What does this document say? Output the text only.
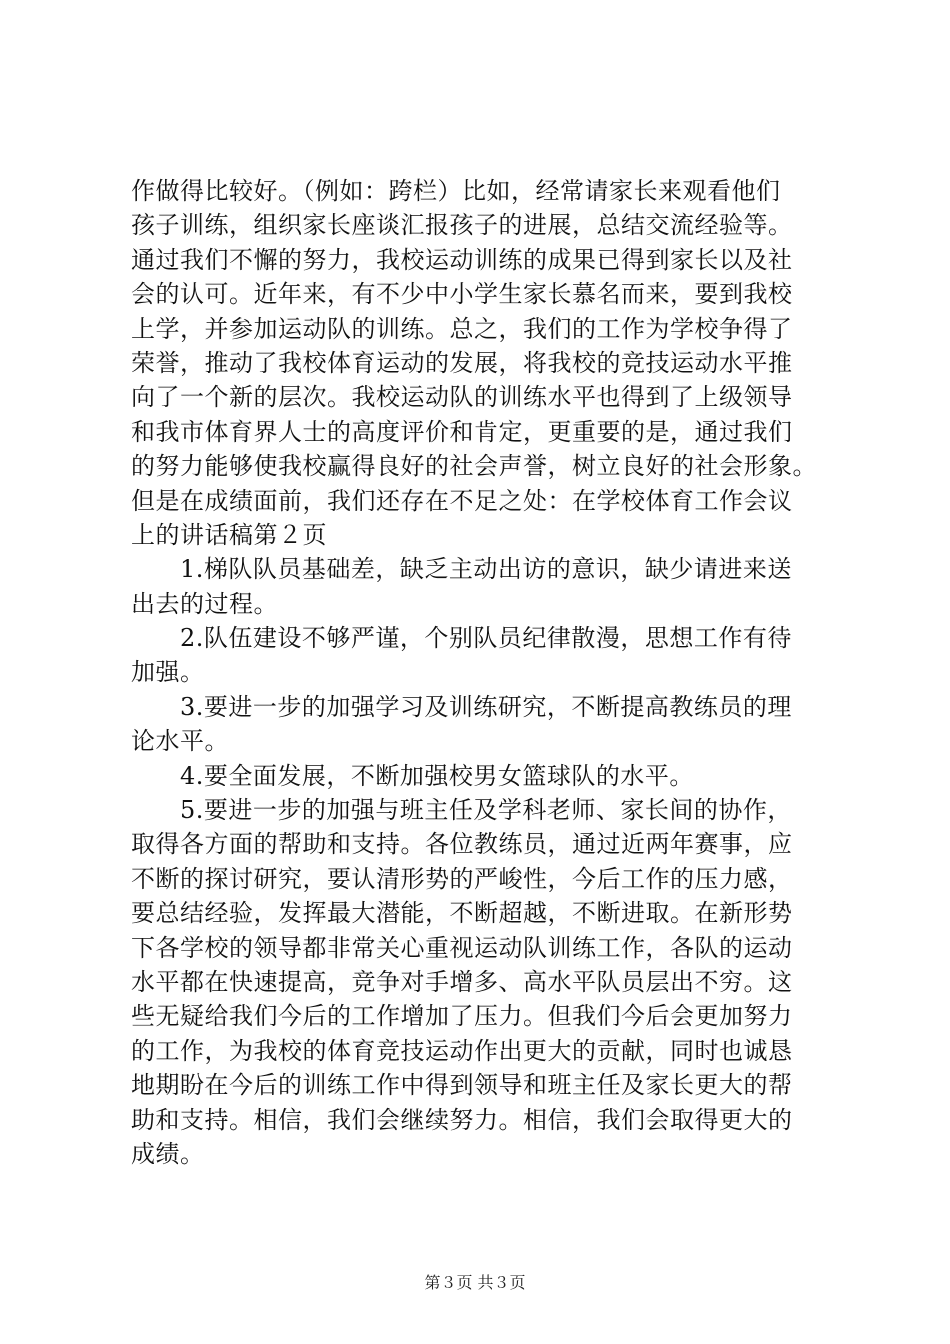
作做得比较好。（例如：跨栏）比如，经常请家长来观看他们
孩子训练，组织家长座谈汇报孩子的进展，总结交流经验等。
通过我们不懈的努力，我校运动训练的成果已得到家长以及社
会的认可。近年来，有不少中小学生家长慕名而来，要到我校
上学，并参加运动队的训练。总之，我们的工作为学校争得了
荣誉，推动了我校体育运动的发展，将我校的竞技运动水平推
向了一个新的层次。我校运动队的训练水平也得到了上级领导
和我市体育界人士的高度评价和肯定，更重要的是，通过我们
的努力能够使我校赢得良好的社会声誉，树立良好的社会形象。
但是在成绩面前，我们还存在不足之处：在学校体育工作会议
上的讲话稿第２页
　　1.梯队队员基础差，缺乏主动出访的意识，缺少请进来送
出去的过程。
　　2.队伍建设不够严谨，个别队员纪律散漫，思想工作有待
加强。
　　3.要进一步的加强学习及训练研究，不断提高教练员的理
论水平。
　　4.要全面发展，不断加强校男女篮球队的水平。
　　5.要进一步的加强与班主任及学科老师、家长间的协作，
取得各方面的帮助和支持。各位教练员，通过近两年赛事，应
不断的探讨研究，要认清形势的严峻性，今后工作的压力感，
要总结经验，发挥最大潜能，不断超越，不断进取。在新形势
下各学校的领导都非常关心重视运动队训练工作，各队的运动
水平都在快速提高，竞争对手增多、高水平队员层出不穷。这
些无疑给我们今后的工作增加了压力。但我们今后会更加努力
的工作，为我校的体育竞技运动作出更大的贡献，同时也诚恳
地期盼在今后的训练工作中得到领导和班主任及家长更大的帮
助和支持。相信，我们会继续努力。相信，我们会取得更大的
成绩。
第３页 共３页
